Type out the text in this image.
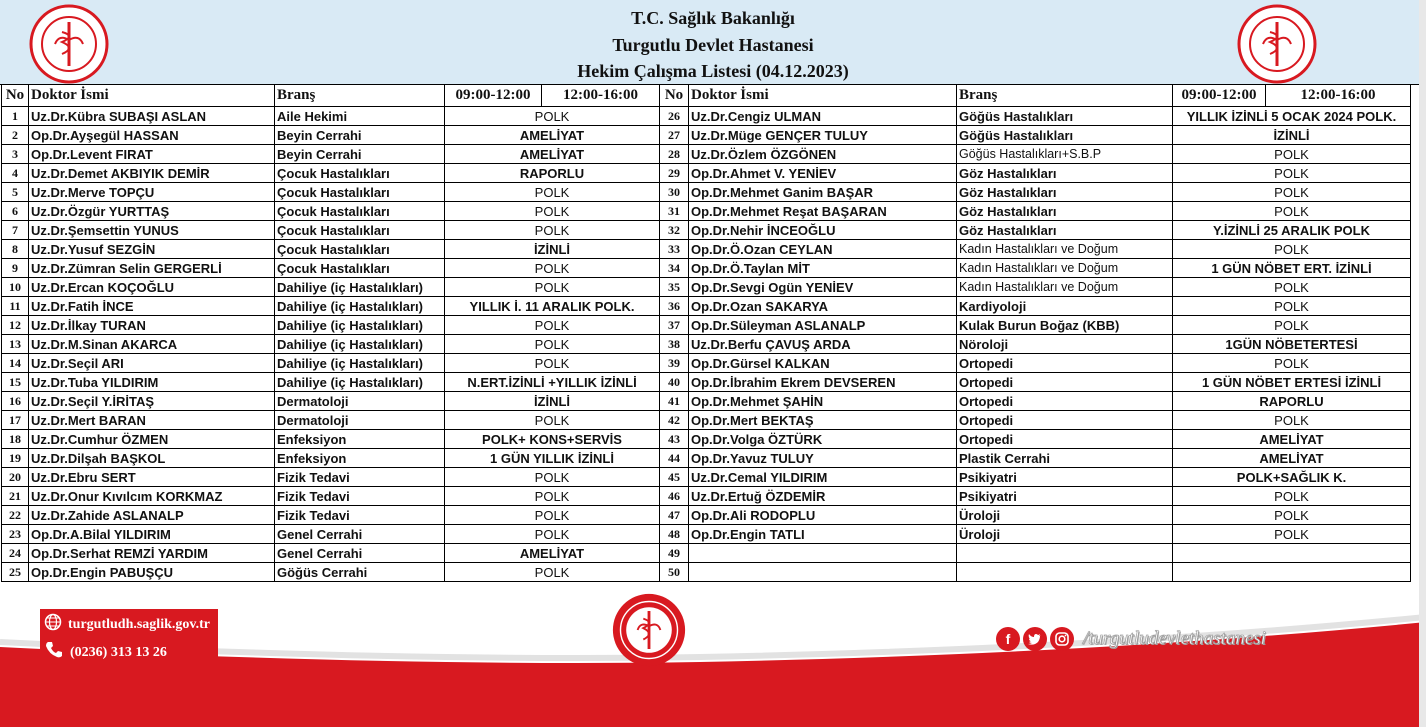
T.C. Sağlık Bakanlığı
Turgutlu Devlet Hastanesi
Hekim Çalışma Listesi (04.12.2023)
No	Doktor İsmi	Branş	09:00-12:00	12:00-16:00
1	Uz.Dr.Kübra SUBAŞI ASLAN	Aile Hekimi	POLK	
2	Op.Dr.Ayşegül HASSAN	Beyin Cerrahi	AMELİYAT	
3	Op.Dr.Levent FIRAT	Beyin Cerrahi	AMELİYAT	
4	Uz.Dr.Demet AKBIYIK DEMİR	Çocuk Hastalıkları	RAPORLU	
5	Uz.Dr.Merve TOPÇU	Çocuk Hastalıkları	POLK	
6	Uz.Dr.Özgür YURTTAŞ	Çocuk Hastalıkları	POLK	
7	Uz.Dr.Şemsettin YUNUS	Çocuk Hastalıkları	POLK	
8	Uz.Dr.Yusuf SEZGİN	Çocuk Hastalıkları	İZİNLİ	
9	Uz.Dr.Zümran Selin GERGERLİ	Çocuk Hastalıkları	POLK	
10	Uz.Dr.Ercan KOÇOĞLU	Dahiliye (iç Hastalıkları)	POLK	
11	Uz.Dr.Fatih İNCE	Dahiliye (iç Hastalıkları)	YILLIK İ. 11 ARALIK POLK.	
12	Uz.Dr.İlkay TURAN	Dahiliye (iç Hastalıkları)	POLK	
13	Uz.Dr.M.Sinan AKARCA	Dahiliye (iç Hastalıkları)	POLK	
14	Uz.Dr.Seçil ARI	Dahiliye (iç Hastalıkları)	POLK	
15	Uz.Dr.Tuba YILDIRIM	Dahiliye (iç Hastalıkları)	N.ERT.İZİNLİ +YILLIK İZİNLİ	
16	Uz.Dr.Seçil Y.İRİTAŞ	Dermatoloji	İZİNLİ	
17	Uz.Dr.Mert BARAN	Dermatoloji	POLK	
18	Uz.Dr.Cumhur ÖZMEN	Enfeksiyon	POLK+ KONS+SERVİS	
19	Uz.Dr.Dilşah BAŞKOL	Enfeksiyon	1 GÜN YILLIK İZİNLİ	
20	Uz.Dr.Ebru SERT	Fizik Tedavi	POLK	
21	Uz.Dr.Onur Kıvılcım KORKMAZ	Fizik Tedavi	POLK	
22	Uz.Dr.Zahide ASLANALP	Fizik Tedavi	POLK	
23	Op.Dr.A.Bilal YILDIRIM	Genel Cerrahi	POLK	
24	Op.Dr.Serhat REMZİ YARDIM	Genel Cerrahi	AMELİYAT	
25	Op.Dr.Engin PABUŞÇU	Göğüs Cerrahi	POLK	
No	Doktor İsmi	Branş	09:00-12:00	12:00-16:00
26	Uz.Dr.Cengiz ULMAN	Göğüs Hastalıkları	YILLIK İZİNLİ 5 OCAK 2024 POLK.	
27	Uz.Dr.Müge GENÇER TULUY	Göğüs Hastalıkları	İZİNLİ	
28	Uz.Dr.Özlem ÖZGÖNEN	Göğüs Hastalıkları+S.B.P	POLK	
29	Op.Dr.Ahmet V. YENİEV	Göz Hastalıkları	POLK	
30	Op.Dr.Mehmet Ganim BAŞAR	Göz Hastalıkları	POLK	
31	Op.Dr.Mehmet Reşat BAŞARAN	Göz Hastalıkları	POLK	
32	Op.Dr.Nehir İNCEOĞLU	Göz Hastalıkları	Y.İZİNLİ 25 ARALIK POLK	
33	Op.Dr.Ö.Ozan CEYLAN	Kadın Hastalıkları ve Doğum	POLK	
34	Op.Dr.Ö.Taylan MİT	Kadın Hastalıkları ve Doğum	1 GÜN NÖBET ERT. İZİNLİ	
35	Op.Dr.Sevgi Ogün YENİEV	Kadın Hastalıkları ve Doğum	POLK	
36	Op.Dr.Ozan SAKARYA	Kardiyoloji	POLK	
37	Op.Dr.Süleyman ASLANALP	Kulak Burun Boğaz (KBB)	POLK	
38	Uz.Dr.Berfu ÇAVUŞ ARDA	Nöroloji	1GÜN NÖBETERTESİ	
39	Op.Dr.Gürsel KALKAN	Ortopedi	POLK	
40	Op.Dr.İbrahim Ekrem DEVSEREN	Ortopedi	1 GÜN NÖBET ERTESİ İZİNLİ	
41	Op.Dr.Mehmet ŞAHİN	Ortopedi	RAPORLU	
42	Op.Dr.Mert BEKTAŞ	Ortopedi	POLK	
43	Op.Dr.Volga ÖZTÜRK	Ortopedi	AMELİYAT	
44	Op.Dr.Yavuz TULUY	Plastik Cerrahi	AMELİYAT	
45	Uz.Dr.Cemal YILDIRIM	Psikiyatri	POLK+SAĞLIK K.	
46	Uz.Dr.Ertuğ ÖZDEMİR	Psikiyatri	POLK	
47	Op.Dr.Ali RODOPLU	Üroloji	POLK	
48	Op.Dr.Engin TATLI	Üroloji	POLK	
49				
50				
turgutludh.saglik.gov.tr
(0236) 313 13 26
f	/turgutludevlethastanesi
